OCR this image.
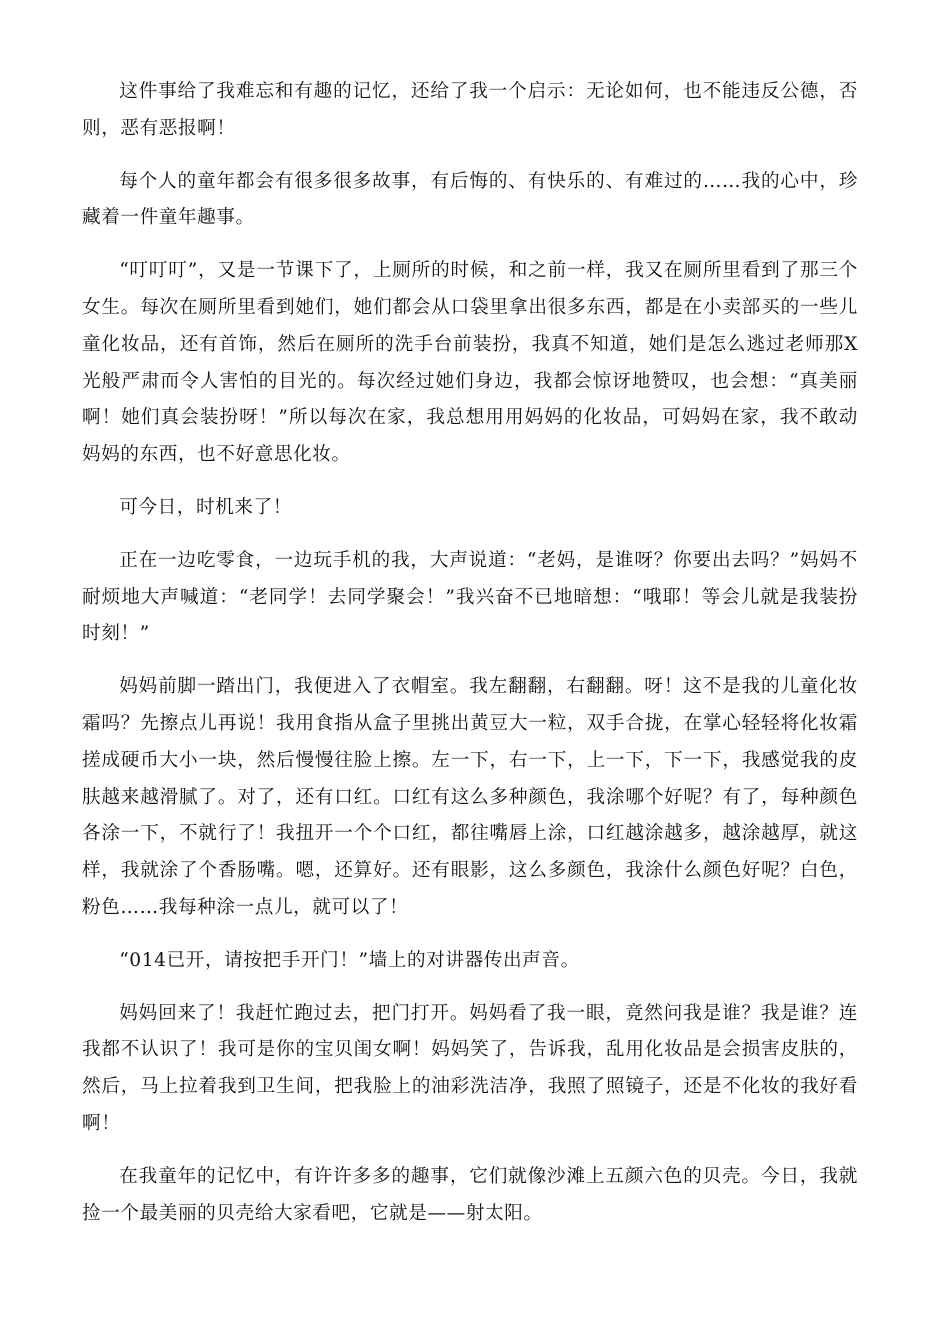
这件事给了我难忘和有趣的记忆，还给了我一个启示：无论如何，也不能违反公德，否则，恶有恶报啊！

每个人的童年都会有很多很多故事，有后悔的、有快乐的、有难过的……我的心中，珍藏着一件童年趣事。

“叮叮叮”，又是一节课下了，上厕所的时候，和之前一样，我又在厕所里看到了那三个女生。每次在厕所里看到她们，她们都会从口袋里拿出很多东西，都是在小卖部买的一些儿童化妆品，还有首饰，然后在厕所的洗手台前装扮，我真不知道，她们是怎么逃过老师那X光般严肃而令人害怕的目光的。每次经过她们身边，我都会惊讶地赞叹，也会想：“真美丽啊！她们真会装扮呀！”所以每次在家，我总想用用妈妈的化妆品，可妈妈在家，我不敢动妈妈的东西，也不好意思化妆。

可今日，时机来了！

正在一边吃零食，一边玩手机的我，大声说道：“老妈，是谁呀？你要出去吗？”妈妈不耐烦地大声喊道：“老同学！去同学聚会！”我兴奋不已地暗想：“哦耶！等会儿就是我装扮时刻！”

妈妈前脚一踏出门，我便进入了衣帽室。我左翻翻，右翻翻。呀！这不是我的儿童化妆霜吗？先擦点儿再说！我用食指从盒子里挑出黄豆大一粒，双手合拢，在掌心轻轻将化妆霜搓成硬币大小一块，然后慢慢往脸上擦。左一下，右一下，上一下，下一下，我感觉我的皮肤越来越滑腻了。对了，还有口红。口红有这么多种颜色，我涂哪个好呢？有了，每种颜色各涂一下，不就行了！我扭开一个个口红，都往嘴唇上涂，口红越涂越多，越涂越厚，就这样，我就涂了个香肠嘴。嗯，还算好。还有眼影，这么多颜色，我涂什么颜色好呢？白色，粉色……我每种涂一点儿，就可以了！

“014已开，请按把手开门！”墙上的对讲器传出声音。

妈妈回来了！我赶忙跑过去，把门打开。妈妈看了我一眼，竟然问我是谁？我是谁？连我都不认识了！我可是你的宝贝闺女啊！妈妈笑了，告诉我，乱用化妆品是会损害皮肤的，然后，马上拉着我到卫生间，把我脸上的油彩洗洁净，我照了照镜子，还是不化妆的我好看啊！

在我童年的记忆中，有许许多多的趣事，它们就像沙滩上五颜六色的贝壳。今日，我就捡一个最美丽的贝壳给大家看吧，它就是——射太阳。
